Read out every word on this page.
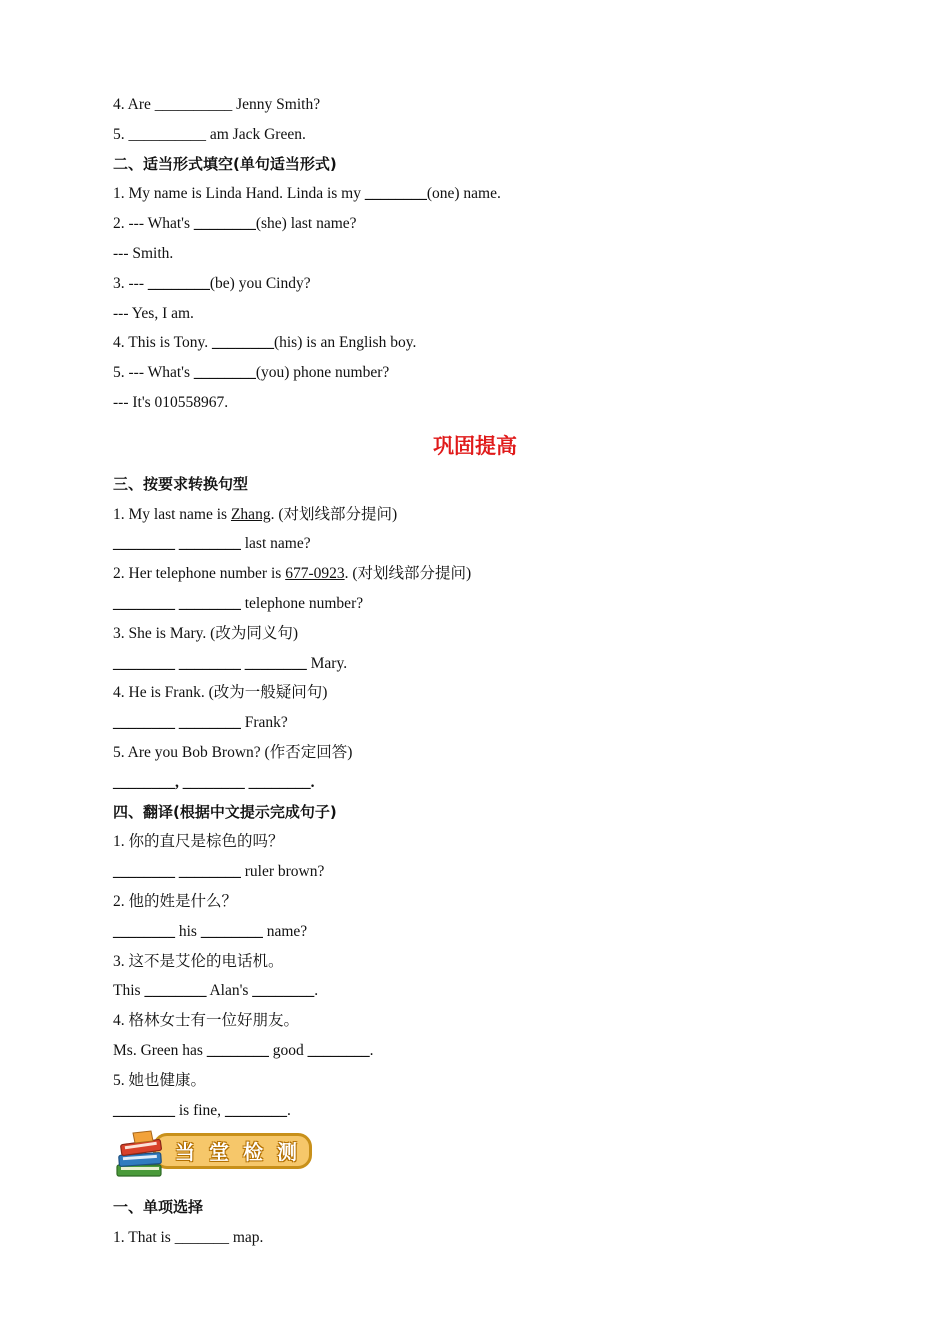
4. Are __________ Jenny Smith?
5. __________ am Jack Green.
二、适当形式填空(单句适当形式)
1. My name is Linda Hand. Linda is my ________(one) name.
2. --- What's ________(she) last name?
--- Smith.
3. --- ________(be) you Cindy?
--- Yes, I am.
4. This is Tony. ________(his) is an English boy.
5. --- What's ________(you) phone number?
--- It's 010558967.
巩固提高
三、按要求转换句型
1. My last name is Zhang. (对划线部分提问)
________ ________ last name?
2. Her telephone number is 677-0923. (对划线部分提问)
________ ________ telephone number?
3. She is Mary. (改为同义句)
________ ________ ________ Mary.
4. He is Frank. (改为一般疑问句)
________ ________ Frank?
5. Are you Bob Brown? (作否定回答)
________, ________ ________.
四、翻译(根据中文提示完成句子)
1. 你的直尺是棕色的吗？
________ ________ ruler brown?
2. 他的姓是什么？
________ his ________ name?
3. 这不是艾伦的电话机。
This ________ Alan's ________.
4. 格林女士有一位好朋友。
Ms. Green has ________ good ________.
5. 她也健康。
________ is fine, ________.
当堂检测
一、单项选择
1. That is _______ map.
